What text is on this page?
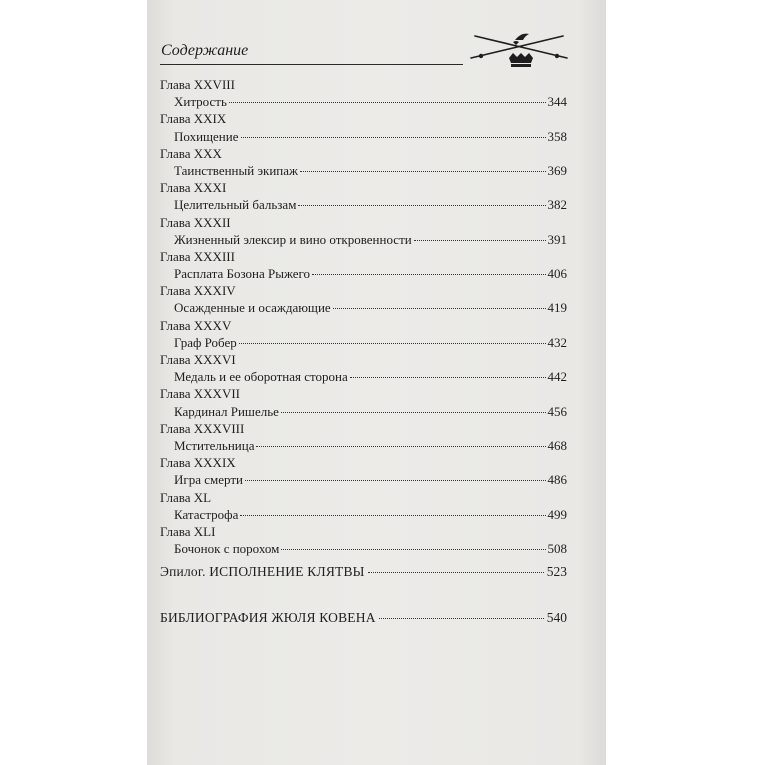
Содержание
Глава XXVIII
Хитрость	344
Глава XXIX
Похищение	358
Глава XXX
Таинственный экипаж	369
Глава XXXI
Целительный бальзам	382
Глава XXXII
Жизненный элексир и вино откровенности	391
Глава XXXIII
Расплата Бозона Рыжего	406
Глава XXXIV
Осажденные и осаждающие	419
Глава XXXV
Граф Робер	432
Глава XXXVI
Медаль и ее оборотная сторона	442
Глава XXXVII
Кардинал Ришелье	456
Глава XXXVIII
Мстительница	468
Глава XXXIX
Игра смерти	486
Глава XL
Катастрофа	499
Глава XLI
Бочонок с порохом	508
Эпилог. ИСПОЛНЕНИЕ КЛЯТВЫ	523
БИБЛИОГРАФИЯ ЖЮЛЯ КОВЕНА	540
